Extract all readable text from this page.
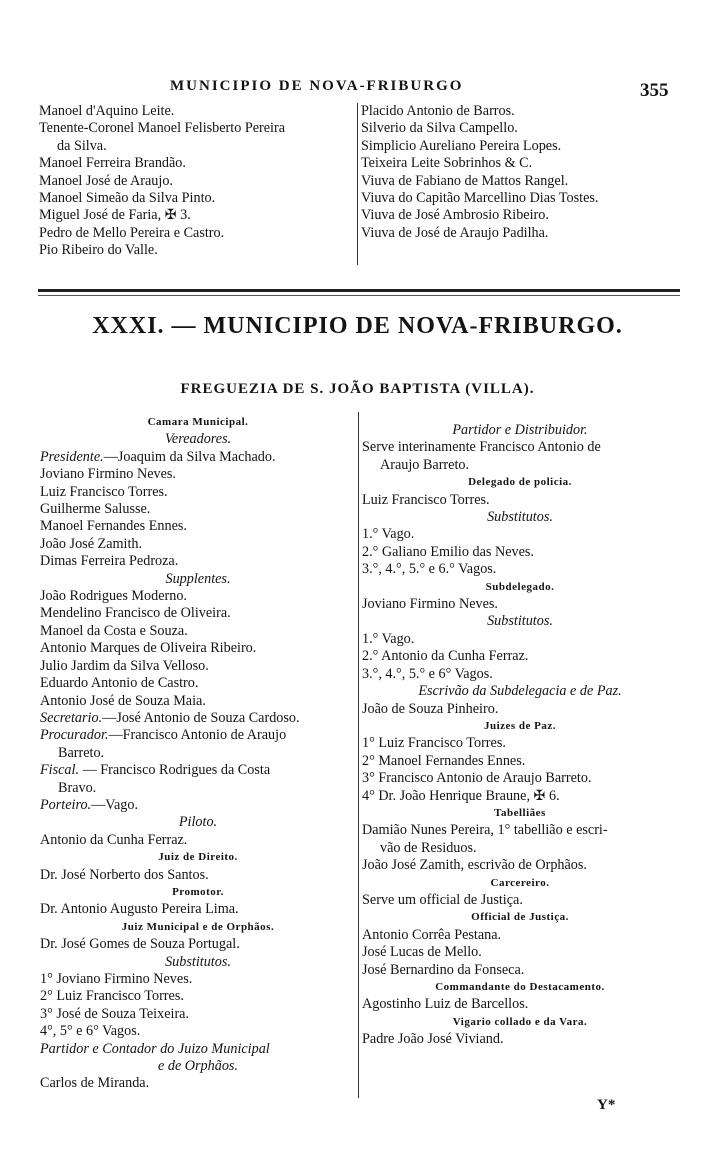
MUNICIPIO DE NOVA-FRIBURGO	355
Manoel d'Aquino Leite.
Tenente-Coronel Manoel Felisberto Pereira
da Silva.
Manoel Ferreira Brandão.
Manoel José de Araujo.
Manoel Simeão da Silva Pinto.
Miguel José de Faria, ✠ 3.
Pedro de Mello Pereira e Castro.
Pio Ribeiro do Valle.
Placido Antonio de Barros.
Silverio da Silva Campello.
Simplicio Aureliano Pereira Lopes.
Teixeira Leite Sobrinhos & C.
Viuva de Fabiano de Mattos Rangel.
Viuva do Capitão Marcellino Dias Tostes.
Viuva de José Ambrosio Ribeiro.
Viuva de José de Araujo Padilha.
XXXI. — MUNICIPIO DE NOVA-FRIBURGO.
FREGUEZIA DE S. JOÃO BAPTISTA (VILLA).
Camara Municipal.
Vereadores.
Presidente.—Joaquim da Silva Machado.
Joviano Firmino Neves.
Luiz Francisco Torres.
Guilherme Salusse.
Manoel Fernandes Ennes.
João José Zamith.
Dimas Ferreira Pedroza.
Supplentes.
João Rodrigues Moderno.
Mendelino Francisco de Oliveira.
Manoel da Costa e Souza.
Antonio Marques de Oliveira Ribeiro.
Julio Jardim da Silva Velloso.
Eduardo Antonio de Castro.
Antonio José de Souza Maia.
Secretario.—José Antonio de Souza Cardoso.
Procurador.—Francisco Antonio de Araujo
Barreto.
Fiscal. — Francisco Rodrigues da Costa
Bravo.
Porteiro.—Vago.
Piloto.
Antonio da Cunha Ferraz.
Juiz de Direito.
Dr. José Norberto dos Santos.
Promotor.
Dr. Antonio Augusto Pereira Lima.
Juiz Municipal e de Orphãos.
Dr. José Gomes de Souza Portugal.
Substitutos.
1° Joviano Firmino Neves.
2° Luiz Francisco Torres.
3° José de Souza Teixeira.
4°, 5° e 6° Vagos.
Partidor e Contador do Juizo Municipal
e de Orphãos.
Carlos de Miranda.
Partidor e Distribuidor.
Serve interinamente Francisco Antonio de
Araujo Barreto.
Delegado de policia.
Luiz Francisco Torres.
Substitutos.
1.° Vago.
2.° Galiano Emilio das Neves.
3.°, 4.°, 5.° e 6.° Vagos.
Subdelegado.
Joviano Firmino Neves.
Substitutos.
1.° Vago.
2.° Antonio da Cunha Ferraz.
3.°, 4.°, 5.° e 6° Vagos.
Escrivão da Subdelegacia e de Paz.
João de Souza Pinheiro.
Juizes de Paz.
1° Luiz Francisco Torres.
2° Manoel Fernandes Ennes.
3° Francisco Antonio de Araujo Barreto.
4° Dr. João Henrique Braune, ✠ 6.
Tabelliães
Damião Nunes Pereira, 1° tabellião e escri-
vão de Residuos.
João José Zamith, escrivão de Orphãos.
Carcereiro.
Serve um official de Justiça.
Official de Justiça.
Antonio Corrêa Pestana.
José Lucas de Mello.
José Bernardino da Fonseca.
Commandante do Destacamento.
Agostinho Luiz de Barcellos.
Vigario collado e da Vara.
Padre João José Viviand.
Y*
